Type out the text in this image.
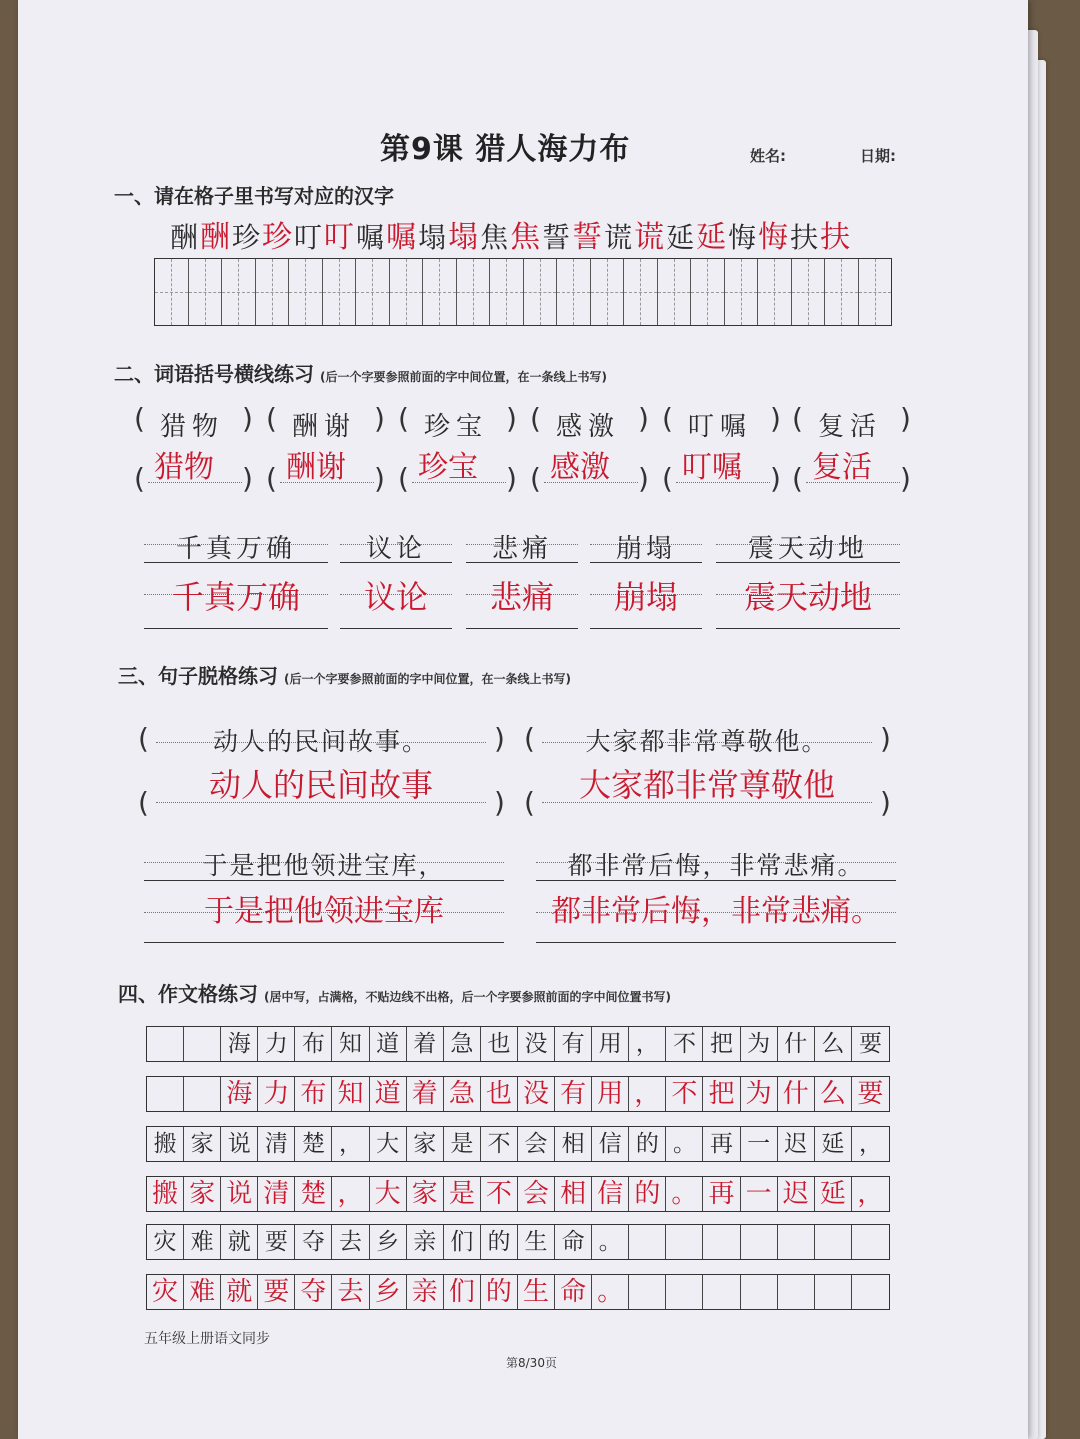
第9课 猎人海力布	姓名:	日期:
一、请在格子里书写对应的汉字
酬酬珍珍叮叮嘱嘱塌塌焦焦誓誓谎谎延延悔悔扶扶
二、词语括号横线练习 (后一个字要参照前面的字中间位置，在一条线上书写)
( 猎物 )
( 猎物 )
( 酬谢 )
( 酬谢 )
( 珍宝 )
( 珍宝 )
( 感激 )
( 感激 )
( 叮嘱 )
( 叮嘱 )
( 复活 )
( 复活 )
千真万确
千真万确
议论
议论
悲痛
悲痛
崩塌
崩塌
震天动地
震天动地
三、句子脱格练习 (后一个字要参照前面的字中间位置，在一条线上书写)
(	动人的民间故事。	)
(	动人的民间故事	)
(	大家都非常尊敬他。	)
(	大家都非常尊敬他	)
于是把他领进宝库，
于是把他领进宝库
都非常后悔，非常悲痛。
都非常后悔，非常悲痛。
四、作文格练习 (居中写，占满格，不贴边线不出格，后一个字要参照前面的字中间位置书写)
海 力 布 知 道 着 急 也 没 有 用 ， 不 把 为 什 么 要
海 力 布 知 道 着 急 也 没 有 用 ， 不 把 为 什 么 要
搬 家 说 清 楚 ， 大 家 是 不 会 相 信 的 。 再 一 迟 延 ，
搬 家 说 清 楚 ， 大 家 是 不 会 相 信 的 。 再 一 迟 延 ，
灾 难 就 要 夺 去 乡 亲 们 的 生 命 。
灾 难 就 要 夺 去 乡 亲 们 的 生 命 。
五年级上册语文同步
第8/30页
